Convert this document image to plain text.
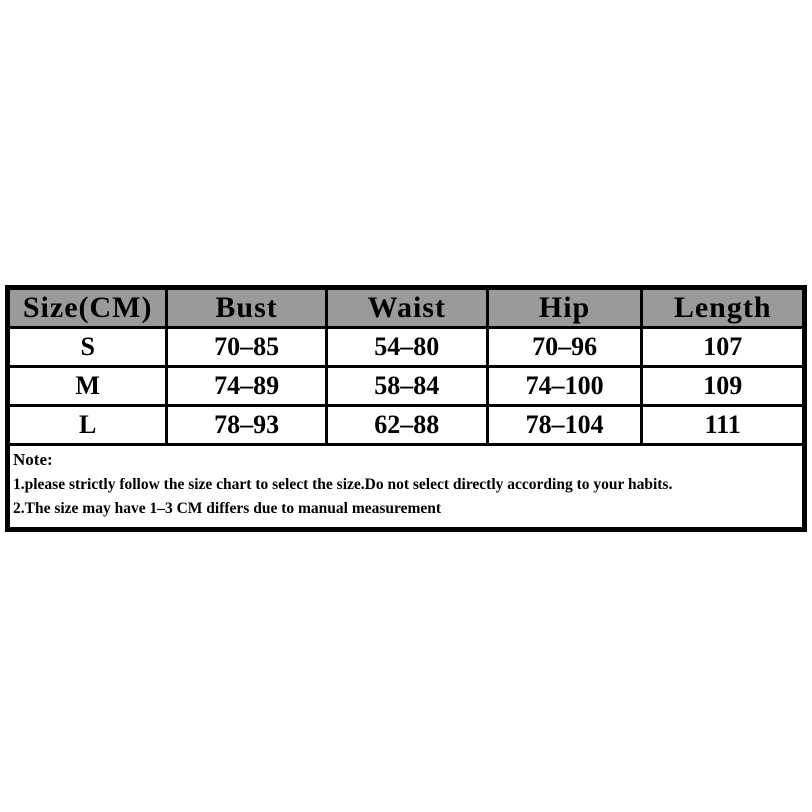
Size(CM)	Bust	Waist	Hip	Length
S	70–85	54–80	70–96	107
M	74–89	58–84	74–100	109
L	78–93	62–88	78–104	111

Note:
1.please strictly follow the size chart to select the size.Do not select directly according to your habits.
2.The size may have 1–3 CM differs due to manual measurement				
